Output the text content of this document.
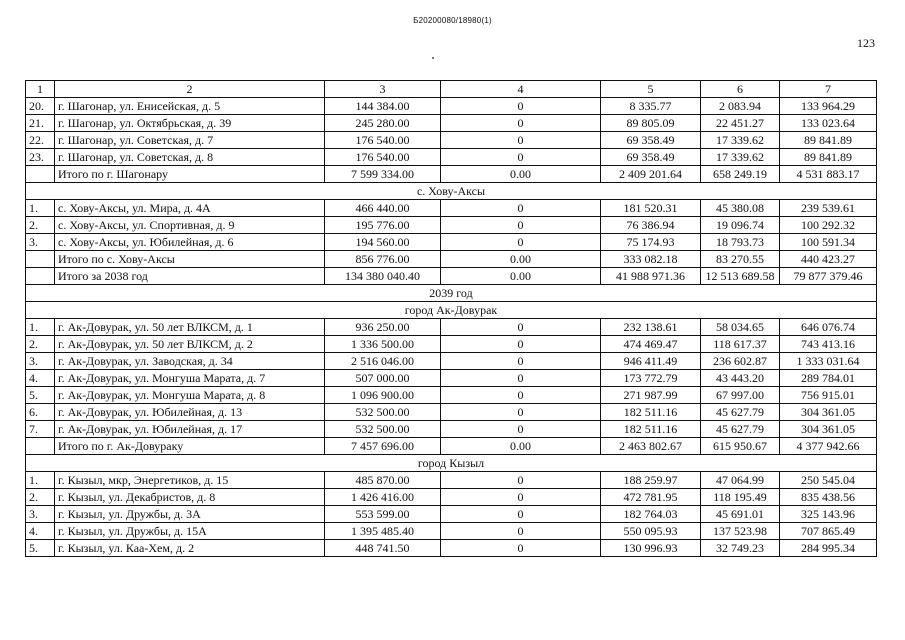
Б20200080/18980(1)
123
1	2	3	4	5	6	7
20.	г. Шагонар, ул. Енисейская, д. 5	144 384.00	0	8 335.77	2 083.94	133 964.29
21.	г. Шагонар, ул. Октябрьская, д. 39	245 280.00	0	89 805.09	22 451.27	133 023.64
22.	г. Шагонар, ул. Советская, д. 7	176 540.00	0	69 358.49	17 339.62	89 841.89
23.	г. Шагонар, ул. Советская, д. 8	176 540.00	0	69 358.49	17 339.62	89 841.89
	Итого по г. Шагонару	7 599 334.00	0.00	2 409 201.64	658 249.19	4 531 883.17
с. Хову-Аксы						
1.	с. Хову-Аксы, ул. Мира, д. 4А	466 440.00	0	181 520.31	45 380.08	239 539.61
2.	с. Хову-Аксы, ул. Спортивная, д. 9	195 776.00	0	76 386.94	19 096.74	100 292.32
3.	с. Хову-Аксы, ул. Юбилейная, д. 6	194 560.00	0	75 174.93	18 793.73	100 591.34
	Итого по с. Хову-Аксы	856 776.00	0.00	333 082.18	83 270.55	440 423.27
	Итого за 2038 год	134 380 040.40	0.00	41 988 971.36	12 513 689.58	79 877 379.46
2039 год						
город Ак-Довурак						
1.	г. Ак-Довурак, ул. 50 лет ВЛКСМ, д. 1	936 250.00	0	232 138.61	58 034.65	646 076.74
2.	г. Ак-Довурак, ул. 50 лет ВЛКСМ, д. 2	1 336 500.00	0	474 469.47	118 617.37	743 413.16
3.	г. Ак-Довурак, ул. Заводская, д. 34	2 516 046.00	0	946 411.49	236 602.87	1 333 031.64
4.	г. Ак-Довурак, ул. Монгуша Марата, д. 7	507 000.00	0	173 772.79	43 443.20	289 784.01
5.	г. Ак-Довурак, ул. Монгуша Марата, д. 8	1 096 900.00	0	271 987.99	67 997.00	756 915.01
6.	г. Ак-Довурак, ул. Юбилейная, д. 13	532 500.00	0	182 511.16	45 627.79	304 361.05
7.	г. Ак-Довурак, ул. Юбилейная, д. 17	532 500.00	0	182 511.16	45 627.79	304 361.05
	Итого по г. Ак-Довураку	7 457 696.00	0.00	2 463 802.67	615 950.67	4 377 942.66
город Кызыл						
1.	г. Кызыл, мкр, Энергетиков, д. 15	485 870.00	0	188 259.97	47 064.99	250 545.04
2.	г. Кызыл, ул. Декабристов, д. 8	1 426 416.00	0	472 781.95	118 195.49	835 438.56
3.	г. Кызыл, ул. Дружбы, д. 3А	553 599.00	0	182 764.03	45 691.01	325 143.96
4.	г. Кызыл, ул. Дружбы, д. 15А	1 395 485.40	0	550 095.93	137 523.98	707 865.49
5.	г. Кызыл, ул. Каа-Хем, д. 2	448 741.50	0	130 996.93	32 749.23	284 995.34
